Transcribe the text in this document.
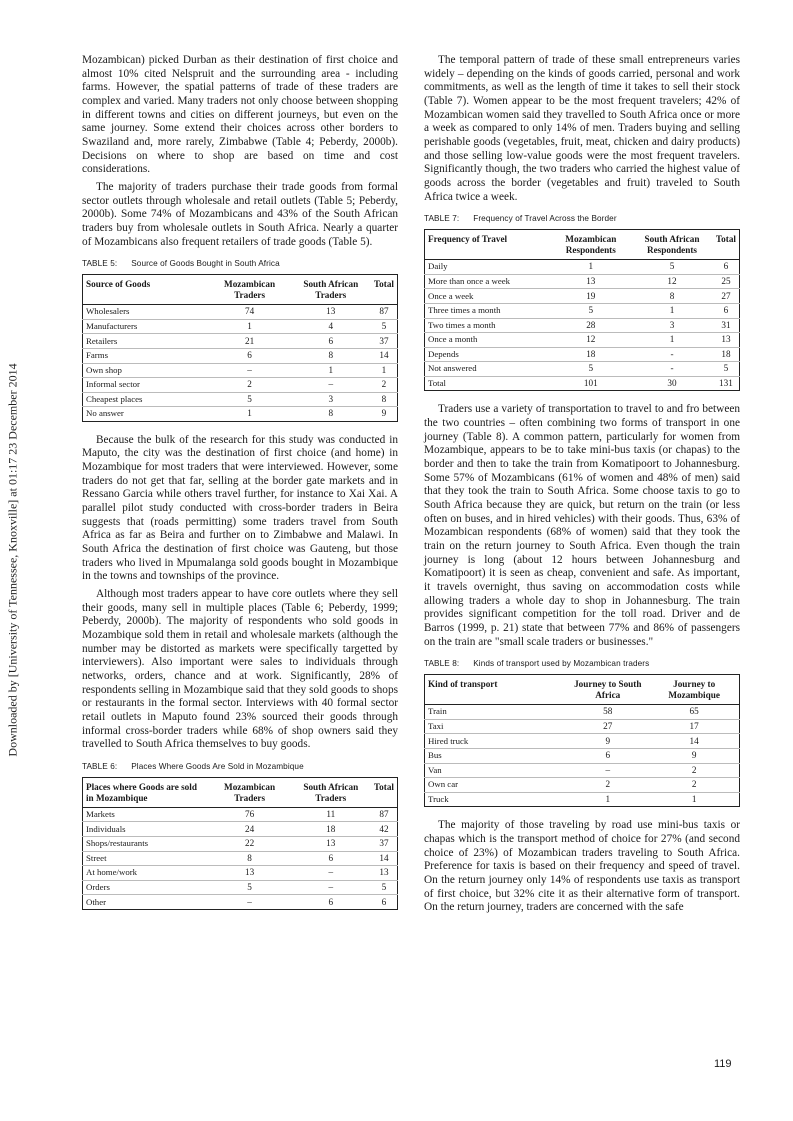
Downloaded by [University of Tennessee, Knoxville] at 01:17 23 December 2014

Mozambican) picked Durban as their destination of first choice and almost 10% cited Nelspruit and the surrounding area - including farms. However, the spatial patterns of trade of these traders are complex and varied. Many traders not only choose between shopping in different towns and cities on different journeys, but even on the same journey. Some extend their choices across other borders to Swaziland and, more rarely, Zimbabwe (Table 4; Peberdy, 2000b). Decisions on where to shop are based on time and cost considerations.

The majority of traders purchase their trade goods from formal sector outlets through wholesale and retail outlets (Table 5; Peberdy, 2000b). Some 74% of Mozambicans and 43% of the South African traders buy from wholesale outlets in South Africa. Nearly a quarter of Mozambicans also frequent retailers of trade goods (Table 5).

TABLE 5: Source of Goods Bought in South Africa
Source of Goods	Mozambican Traders	South African Traders	Total
Wholesalers	74	13	87
Manufacturers	1	4	5
Retailers	21	6	37
Farms	6	8	14
Own shop	–	1	1
Informal sector	2	–	2
Cheapest places	5	3	8
No answer	1	8	9

Because the bulk of the research for this study was conducted in Maputo, the city was the destination of first choice (and home) in Mozambique for most traders that were interviewed. However, some traders do not get that far, selling at the border gate markets and in Ressano Garcia while others travel further, for instance to Xai Xai. A parallel pilot study conducted with cross-border traders in Beira suggests that (roads permitting) some traders travel from South Africa as far as Beira and further on to Zimbabwe and Malawi. In South Africa the destination of first choice was Gauteng, but those traders who lived in Mpumalanga sold goods bought in Mozambique in the towns and townships of the province.

Although most traders appear to have core outlets where they sell their goods, many sell in multiple places (Table 6; Peberdy, 1999; Peberdy, 2000b). The majority of respondents who sold goods in Mozambique sold them in retail and wholesale markets (although the number may be distorted as markets were specifically targetted by interviewers). Also important were sales to individuals through networks, orders, chance and at work. Significantly, 28% of respondents selling in Mozambique said that they sold goods to shops or restaurants in the formal sector. Interviews with 40 formal sector retail outlets in Maputo found 23% sourced their goods through informal cross-border traders while 68% of shop owners said they travelled to South Africa themselves to buy goods.

TABLE 6: Places Where Goods Are Sold in Mozambique
Places where Goods are sold in Mozambique	Mozambican Traders	South African Traders	Total
Markets	76	11	87
Individuals	24	18	42
Shops/restaurants	22	13	37
Street	8	6	14
At home/work	13	–	13
Orders	5	–	5
Other	–	6	6

The temporal pattern of trade of these small entrepreneurs varies widely – depending on the kinds of goods carried, personal and work commitments, as well as the length of time it takes to sell their stock (Table 7). Women appear to be the most frequent travelers; 42% of Mozambican women said they travelled to South Africa once or more a week as compared to only 14% of men. Traders buying and selling perishable goods (vegetables, fruit, meat, chicken and dairy products) and those selling low-value goods were the most frequent travelers. Significantly though, the two traders who carried the highest value of goods across the border (vegetables and fruit) traveled to South Africa twice a week.

TABLE 7: Frequency of Travel Across the Border
Frequency of Travel	Mozambican Respondents	South African Respondents	Total
Daily	1	5	6
More than once a week	13	12	25
Once a week	19	8	27
Three times a month	5	1	6
Two times a month	28	3	31
Once a month	12	1	13
Depends	18	-	18
Not answered	5	-	5
Total	101	30	131

Traders use a variety of transportation to travel to and fro between the two countries – often combining two forms of transport in one journey (Table 8). A common pattern, particularly for women from Mozambique, appears to be to take mini-bus taxis (or chapas) to the border and then to take the train from Komatipoort to Johannesburg. Some 57% of Mozambicans (61% of women and 48% of men) said that they took the train to South Africa. Some choose taxis to go to South Africa because they are quick, but return on the train (or less often on buses, and in hired vehicles) with their goods. Thus, 63% of Mozambican respondents (68% of women) said that they took the train on the return journey to South Africa. Even though the train journey is long (about 12 hours between Johannesburg and Komatipoort) it is seen as cheap, convenient and safe. As important, it travels overnight, thus saving on accommodation costs while allowing traders a whole day to shop in Johannesburg. The train provides significant competition for the toll road. Driver and de Barros (1999, p. 21) state that between 77% and 86% of passengers on the train are "small scale traders or businesses."

TABLE 8: Kinds of transport used by Mozambican traders
Kind of transport	Journey to South Africa	Journey to Mozambique
Train	58	65
Taxi	27	17
Hired truck	9	14
Bus	6	9
Van	–	2
Own car	2	2
Truck	1	1

The majority of those traveling by road use mini-bus taxis or chapas which is the transport method of choice for 27% (and second choice of 23%) of Mozambican traders traveling to South Africa. Preference for taxis is based on their frequency and speed of travel. On the return journey only 14% of respondents use taxis as transport of first choice, but 32% cite it as their alternative form of transport. On the return journey, traders are concerned with the safe

119
